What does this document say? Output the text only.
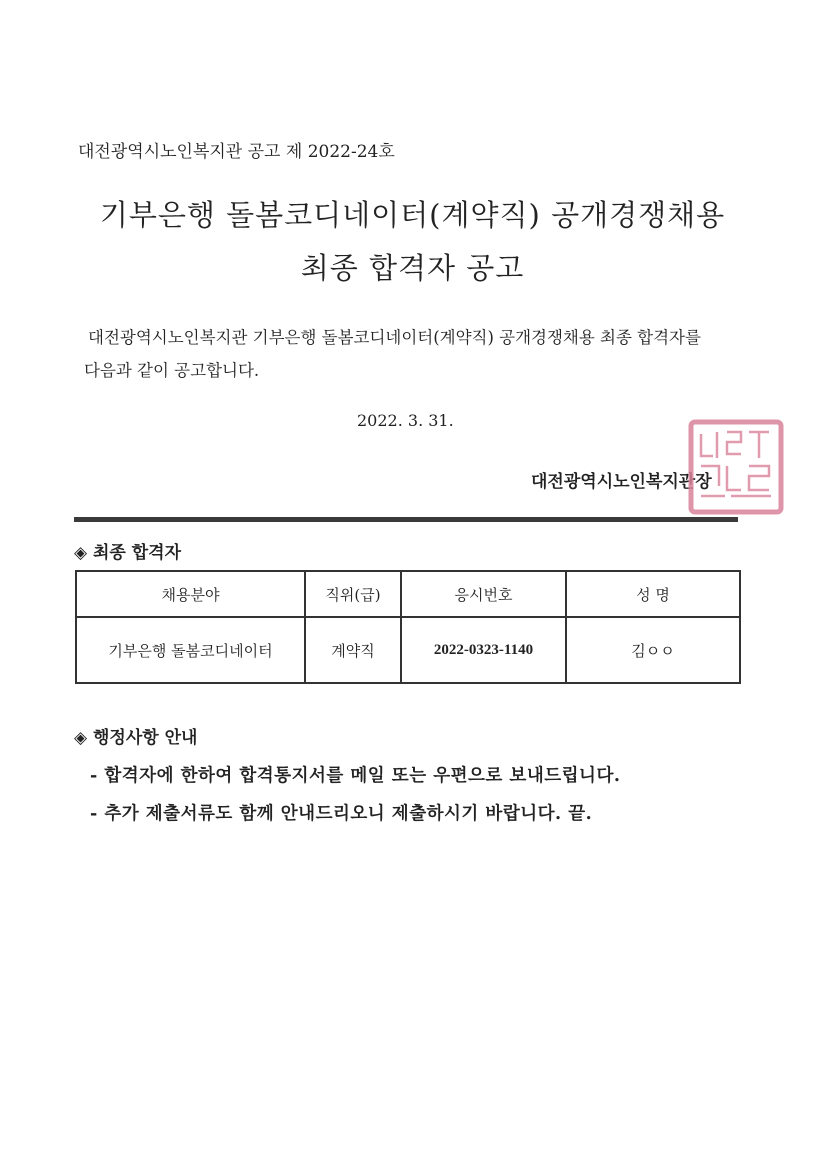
대전광역시노인복지관 공고 제 2022-24호
기부은행 돌봄코디네이터(계약직) 공개경쟁채용
최종 합격자 공고
대전광역시노인복지관 기부은행 돌봄코디네이터(계약직) 공개경쟁채용 최종 합격자를
다음과 같이 공고합니다.
2022. 3. 31.
대전광역시노인복지관장
◈ 최종 합격자
채용분야	직위(급)	응시번호	성 명
기부은행 돌봄코디네이터	계약직	2022-0323-1140	김ㅇㅇ
◈ 행정사항 안내
- 합격자에 한하여 합격통지서를 메일 또는 우편으로 보내드립니다.
- 추가 제출서류도 함께 안내드리오니 제출하시기 바랍니다. 끝.
